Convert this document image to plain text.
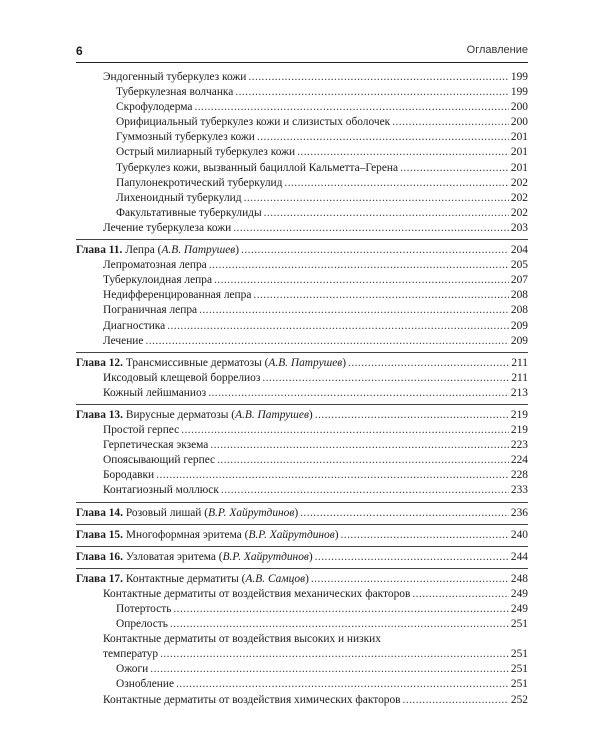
6	Оглавление
Эндогенный туберкулез кожи . . .	199
Туберкулезная волчанка . . .	199
Скрофулодерма . . .	200
Орифициальный туберкулез кожи и слизистых оболочек . . .	200
Гуммозный туберкулез кожи . . .	201
Острый милиарный туберкулез кожи . . .	201
Туберкулез кожи, вызванный бациллой Кальметта–Герена . . .	201
Папулонекротический туберкулид . . .	202
Лихеноидный туберкулид . . .	202
Факультативные туберкулиды . . .	202
Лечение туберкулеза кожи . . .	203
Глава 11. Лепра (А.В. Патрушев) . . .	204
Лепроматозная лепра . . .	205
Туберкулоидная лепра . . .	207
Недифференцированная лепра . . .	208
Пограничная лепра . . .	208
Диагностика . . .	209
Лечение . . .	209
Глава 12. Трансмиссивные дерматозы (А.В. Патрушев) . . .	211
Иксодовый клещевой боррелиоз . . .	211
Кожный лейшманиоз . . .	213
Глава 13. Вирусные дерматозы (А.В. Патрушев) . . .	219
Простой герпес . . .	219
Герпетическая экзема . . .	223
Опоясывающий герпес . . .	224
Бородавки . . .	228
Контагиозный моллюск . . .	233
Глава 14. Розовый лишай (В.Р. Хайрутдинов) . . .	236
Глава 15. Многоформная эритема (В.Р. Хайрутдинов) . . .	240
Глава 16. Узловатая эритема (В.Р. Хайрутдинов) . . .	244
Глава 17. Контактные дерматиты (А.В. Самцов) . . .	248
Контактные дерматиты от воздействия механических факторов . . .	249
Потертость . . .	249
Опрелость . . .	251
Контактные дерматиты от воздействия высоких и низких
температур . . .	251
Ожоги . . .	251
Ознобление . . .	251
Контактные дерматиты от воздействия химических факторов . . .	252
